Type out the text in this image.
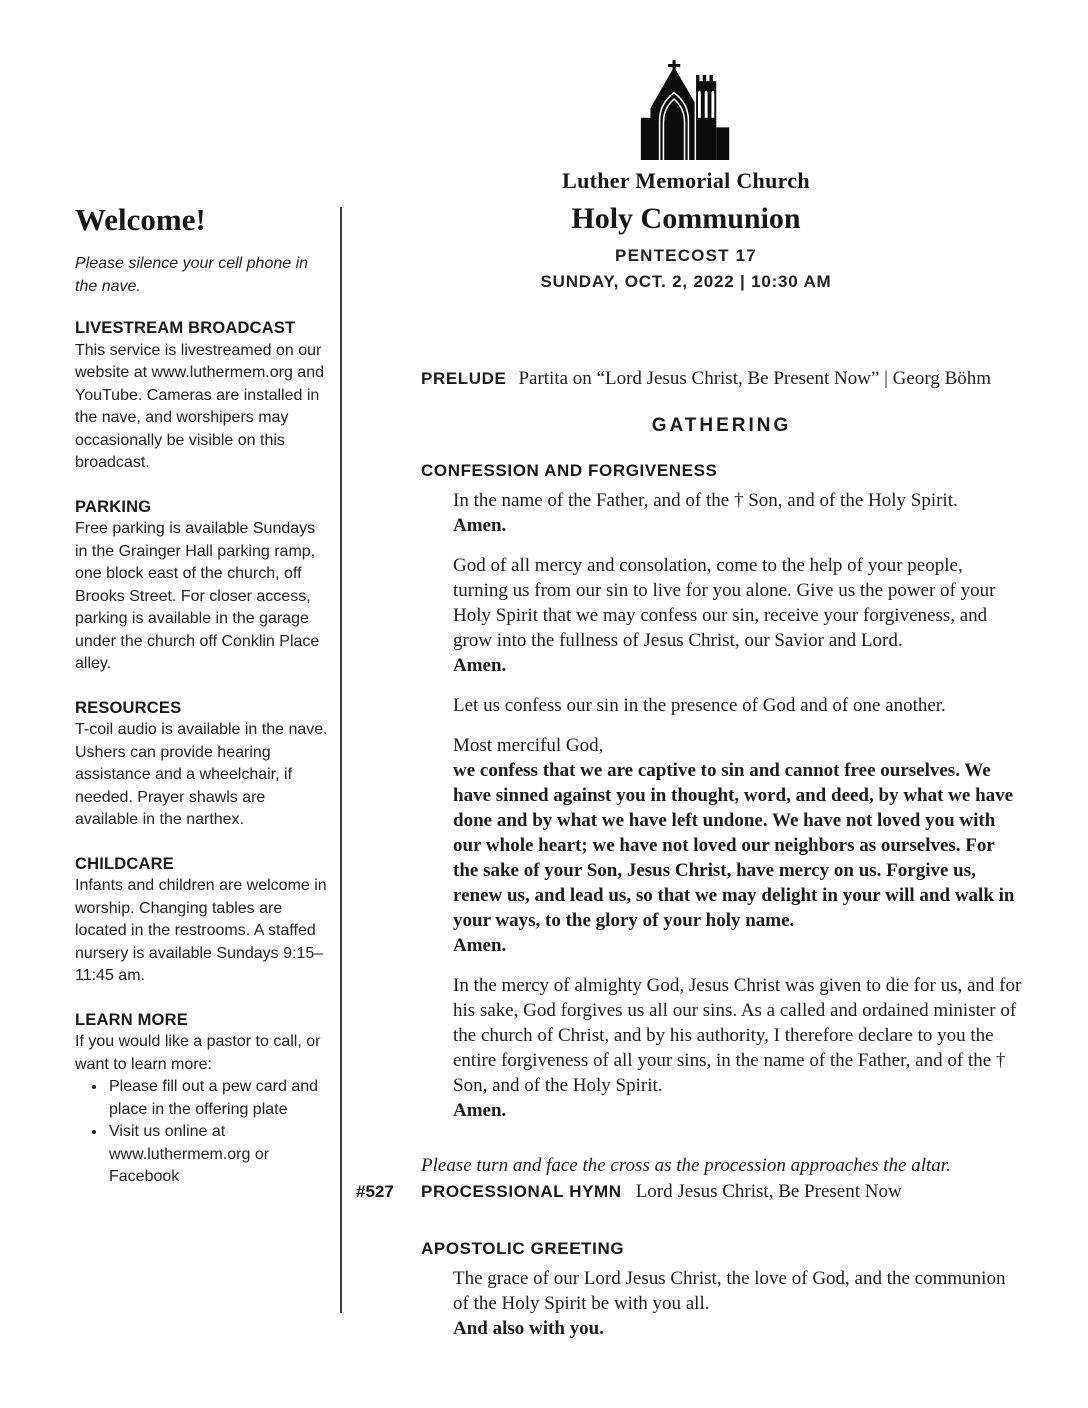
Luther Memorial Church
Holy Communion
PENTECOST 17
SUNDAY, OCT. 2, 2022 | 10:30 AM
Welcome!
Please silence your cell phone in the nave.
LIVESTREAM BROADCAST
This service is livestreamed on our website at www.luthermem.org and YouTube. Cameras are installed in the nave, and worshipers may occasionally be visible on this broadcast.
PARKING
Free parking is available Sundays in the Grainger Hall parking ramp, one block east of the church, off Brooks Street. For closer access, parking is available in the garage under the church off Conklin Place alley.
RESOURCES
T-coil audio is available in the nave. Ushers can provide hearing assistance and a wheelchair, if needed. Prayer shawls are available in the narthex.
CHILDCARE
Infants and children are welcome in worship. Changing tables are located in the restrooms. A staffed nursery is available Sundays 9:15–11:45 am.
LEARN MORE
If you would like a pastor to call, or want to learn more:
• Please fill out a pew card and place in the offering plate
• Visit us online at www.luthermem.org or Facebook
PRELUDE Partita on “Lord Jesus Christ, Be Present Now” | Georg Böhm
GATHERING
CONFESSION AND FORGIVENESS
In the name of the Father, and of the † Son, and of the Holy Spirit.
Amen.
God of all mercy and consolation, come to the help of your people, turning us from our sin to live for you alone. Give us the power of your Holy Spirit that we may confess our sin, receive your forgiveness, and grow into the fullness of Jesus Christ, our Savior and Lord.
Amen.
Let us confess our sin in the presence of God and of one another.
Most merciful God,
we confess that we are captive to sin and cannot free ourselves. We have sinned against you in thought, word, and deed, by what we have done and by what we have left undone. We have not loved you with our whole heart; we have not loved our neighbors as ourselves. For the sake of your Son, Jesus Christ, have mercy on us. Forgive us, renew us, and lead us, so that we may delight in your will and walk in your ways, to the glory of your holy name.
Amen.
In the mercy of almighty God, Jesus Christ was given to die for us, and for his sake, God forgives us all our sins. As a called and ordained minister of the church of Christ, and by his authority, I therefore declare to you the entire forgiveness of all your sins, in the name of the Father, and of the † Son, and of the Holy Spirit.
Amen.
Please turn and face the cross as the procession approaches the altar.
#527 PROCESSIONAL HYMN Lord Jesus Christ, Be Present Now
APOSTOLIC GREETING
The grace of our Lord Jesus Christ, the love of God, and the communion of the Holy Spirit be with you all.
And also with you.
